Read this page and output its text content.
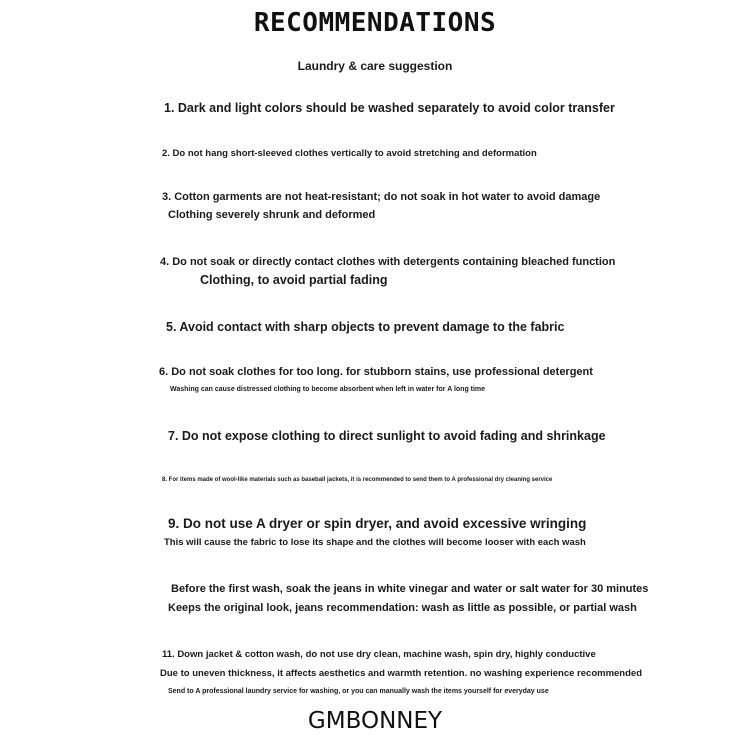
RECOMMENDATIONS
Laundry & care suggestion
1. Dark and light colors should be washed separately to avoid color transfer
2. Do not hang short-sleeved clothes vertically to avoid stretching and deformation
3. Cotton garments are not heat-resistant; do not soak in hot water to avoid damage
Clothing severely shrunk and deformed
4. Do not soak or directly contact clothes with detergents containing bleached function
Clothing, to avoid partial fading
5. Avoid contact with sharp objects to prevent damage to the fabric
6. Do not soak clothes for too long. for stubborn stains, use professional detergent
Washing can cause distressed clothing to become absorbent when left in water for A long time
7. Do not expose clothing to direct sunlight to avoid fading and shrinkage
8. For items made of wool-like materials such as baseball jackets, it is recommended to send them to A professional dry cleaning service
9. Do not use A dryer or spin dryer, and avoid excessive wringing
This will cause the fabric to lose its shape and the clothes will become looser with each wash
Before the first wash, soak the jeans in white vinegar and water or salt water for 30 minutes
Keeps the original look, jeans recommendation: wash as little as possible, or partial wash
11. Down jacket & cotton wash, do not use dry clean, machine wash, spin dry, highly conductive
Due to uneven thickness, it affects aesthetics and warmth retention. no washing experience recommended
Send to A professional laundry service for washing, or you can manually wash the items yourself for everyday use
GMBONNEY
